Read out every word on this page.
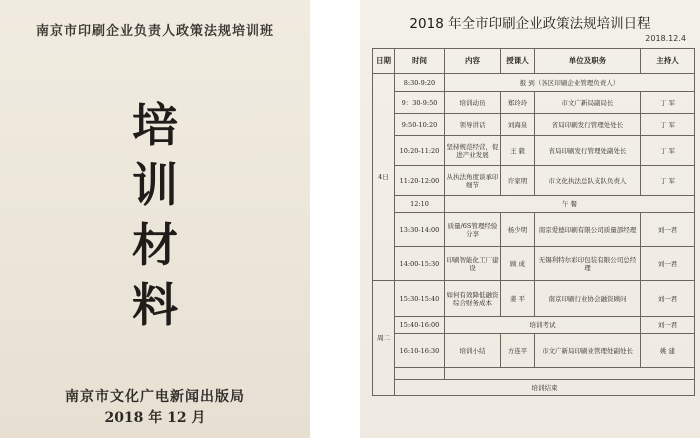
南京市印刷企业负责人政策法规培训班
培
训
材
料
南京市文化广电新闻出版局
2018 年 12 月
2018 年全市印刷企业政策法规培训日程
2018.12.4
日期	时间	内容	授课人	单位及职务	主持人
4日	8:30-9:20	报 到（各区印刷企业管理负责人）			
	9：30-9:50	培训动员	郑玲玲	市文广新局副局长	丁 军
	9:50-10:20	领导讲话	刘海泉	省局印刷发行管理处处长	丁 军
	10:20-11:20	坚持规范经营，促进产业发展	王 毅	省局印刷发行管理处副处长	丁 军
	11:20-12:00	从执法角度谈承印细节	许家明	市文化执法总队支队负责人	丁 军
	12:10	午 餐			
	13:30-14:00	质量/6S管理经验分享	杨少明	南京爱德印刷有限公司质量部经理	刘一君
	14:00-15:30	印刷智能化工厂建设	顾 成	无锡利特尔彩印包装有限公司总经理	刘一君
周二	15:30-15:40	如何有效降低融资综合财务成本	姜 平	南京印刷行业协会融资顾问	刘一君
	15:40-16:00	培训考试			刘一君
	16:10-16:30	培训小结	方连平	市文广新局印刷业管理处副处长	姚 建

	培训结束				
